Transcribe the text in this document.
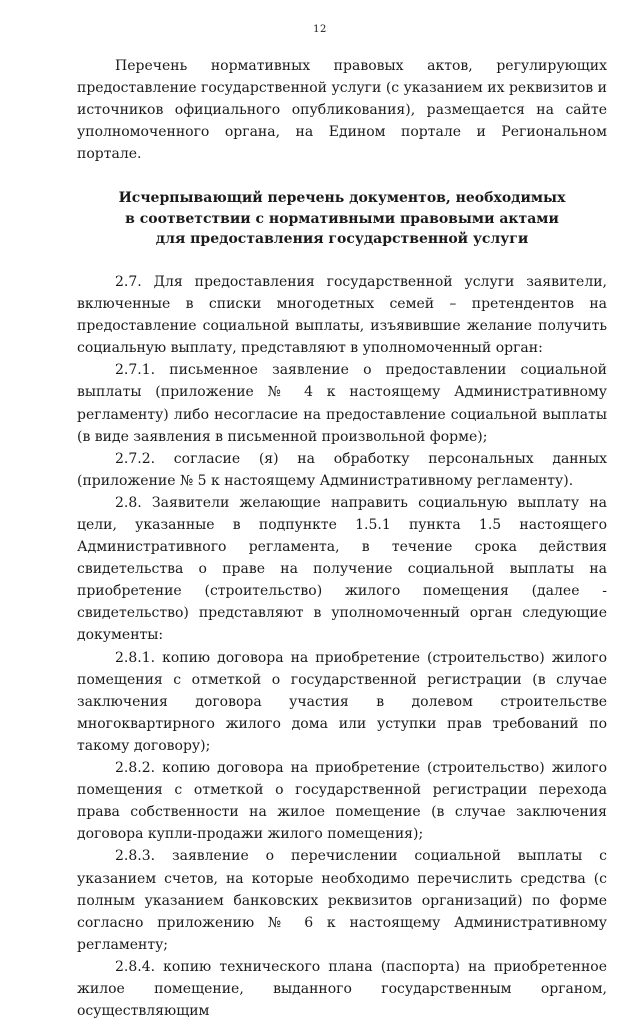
12

Перечень нормативных правовых актов, регулирующих предоставление государственной услуги (с указанием их реквизитов и источников официального опубликования), размещается на сайте уполномоченного органа, на Едином портале и Региональном портале.

Исчерпывающий перечень документов, необходимых
в соответствии с нормативными правовыми актами
для предоставления государственной услуги

2.7. Для предоставления государственной услуги заявители, включенные в списки многодетных семей – претендентов на предоставление социальной выплаты, изъявившие желание получить социальную выплату, представляют в уполномоченный орган:

2.7.1. письменное заявление о предоставлении социальной выплаты (приложение № 4 к настоящему Административному регламенту) либо несогласие на предоставление социальной выплаты (в виде заявления в письменной произвольной форме);

2.7.2. согласие (я) на обработку персональных данных (приложение № 5 к настоящему Административному регламенту).

2.8. Заявители желающие направить социальную выплату на цели, указанные в подпункте 1.5.1 пункта 1.5 настоящего Административного регламента, в течение срока действия свидетельства о праве на получение социальной выплаты на приобретение (строительство) жилого помещения (далее - свидетельство) представляют в уполномоченный орган следующие документы:

2.8.1. копию договора на приобретение (строительство) жилого помещения с отметкой о государственной регистрации (в случае заключения договора участия в долевом строительстве многоквартирного жилого дома или уступки прав требований по такому договору);

2.8.2. копию договора на приобретение (строительство) жилого помещения с отметкой о государственной регистрации перехода права собственности на жилое помещение (в случае заключения договора купли-продажи жилого помещения);

2.8.3. заявление о перечислении социальной выплаты с указанием счетов, на которые необходимо перечислить средства (с полным указанием банковских реквизитов организаций) по форме согласно приложению № 6 к настоящему Административному регламенту;

2.8.4. копию технического плана (паспорта) на приобретенное жилое помещение, выданного государственным органом, осуществляющим
